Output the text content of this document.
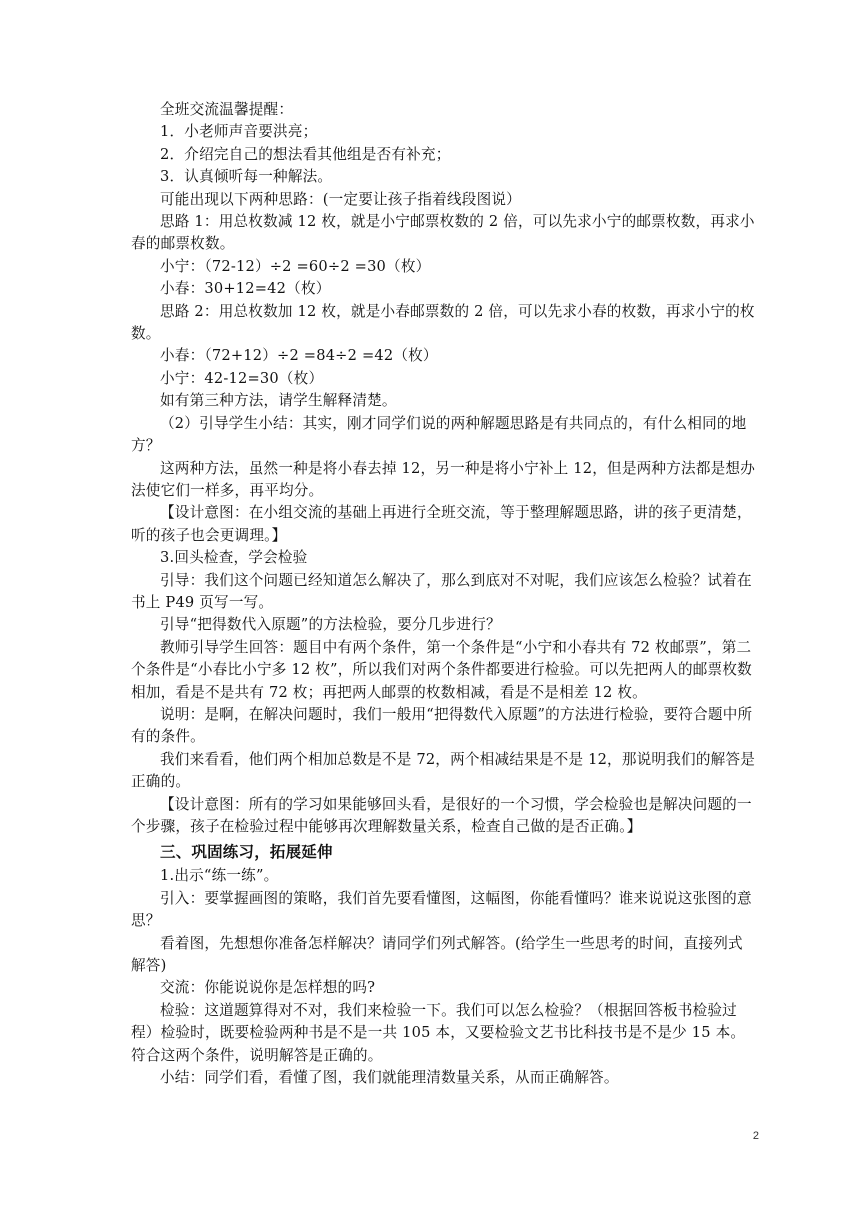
全班交流温馨提醒：

1．小老师声音要洪亮；

2．介绍完自己的想法看其他组是否有补充；

3．认真倾听每一种解法。

可能出现以下两种思路：(一定要让孩子指着线段图说）

思路 1：用总枚数减 12 枚，就是小宁邮票枚数的 2 倍，可以先求小宁的邮票枚数，再求小春的邮票枚数。

小宁：（72-12）÷2 =60÷2 =30（枚）

小春：30+12=42（枚）

思路 2：用总枚数加 12 枚，就是小春邮票数的 2 倍，可以先求小春的枚数，再求小宁的枚数。

小春：（72+12）÷2 =84÷2 =42（枚）

小宁：42-12=30（枚）

如有第三种方法，请学生解释清楚。

（2）引导学生小结：其实，刚才同学们说的两种解题思路是有共同点的，有什么相同的地方？

这两种方法，虽然一种是将小春去掉 12，另一种是将小宁补上 12，但是两种方法都是想办法使它们一样多，再平均分。

【设计意图：在小组交流的基础上再进行全班交流，等于整理解题思路，讲的孩子更清楚，听的孩子也会更调理。】

3.回头检查，学会检验

引导：我们这个问题已经知道怎么解决了，那么到底对不对呢，我们应该怎么检验？试着在书上 P49 页写一写。

引导“把得数代入原题”的方法检验，要分几步进行？

教师引导学生回答：题目中有两个条件，第一个条件是“小宁和小春共有 72 枚邮票”，第二个条件是“小春比小宁多 12 枚”，所以我们对两个条件都要进行检验。可以先把两人的邮票枚数相加，看是不是共有 72 枚；再把两人邮票的枚数相减，看是不是相差 12 枚。

说明：是啊，在解决问题时，我们一般用“把得数代入原题”的方法进行检验，要符合题中所有的条件。

我们来看看，他们两个相加总数是不是 72，两个相减结果是不是 12，那说明我们的解答是正确的。

【设计意图：所有的学习如果能够回头看，是很好的一个习惯，学会检验也是解决问题的一个步骤，孩子在检验过程中能够再次理解数量关系，检查自己做的是否正确。】

三、巩固练习，拓展延伸

1.出示“练一练”。

引入：要掌握画图的策略，我们首先要看懂图，这幅图，你能看懂吗？谁来说说这张图的意思？

看着图，先想想你准备怎样解决？请同学们列式解答。(给学生一些思考的时间，直接列式解答)

交流：你能说说你是怎样想的吗?

检验：这道题算得对不对，我们来检验一下。我们可以怎么检验？（根据回答板书检验过程）检验时，既要检验两种书是不是一共 105 本，又要检验文艺书比科技书是不是少 15 本。符合这两个条件，说明解答是正确的。

小结：同学们看，看懂了图，我们就能理清数量关系，从而正确解答。

2
